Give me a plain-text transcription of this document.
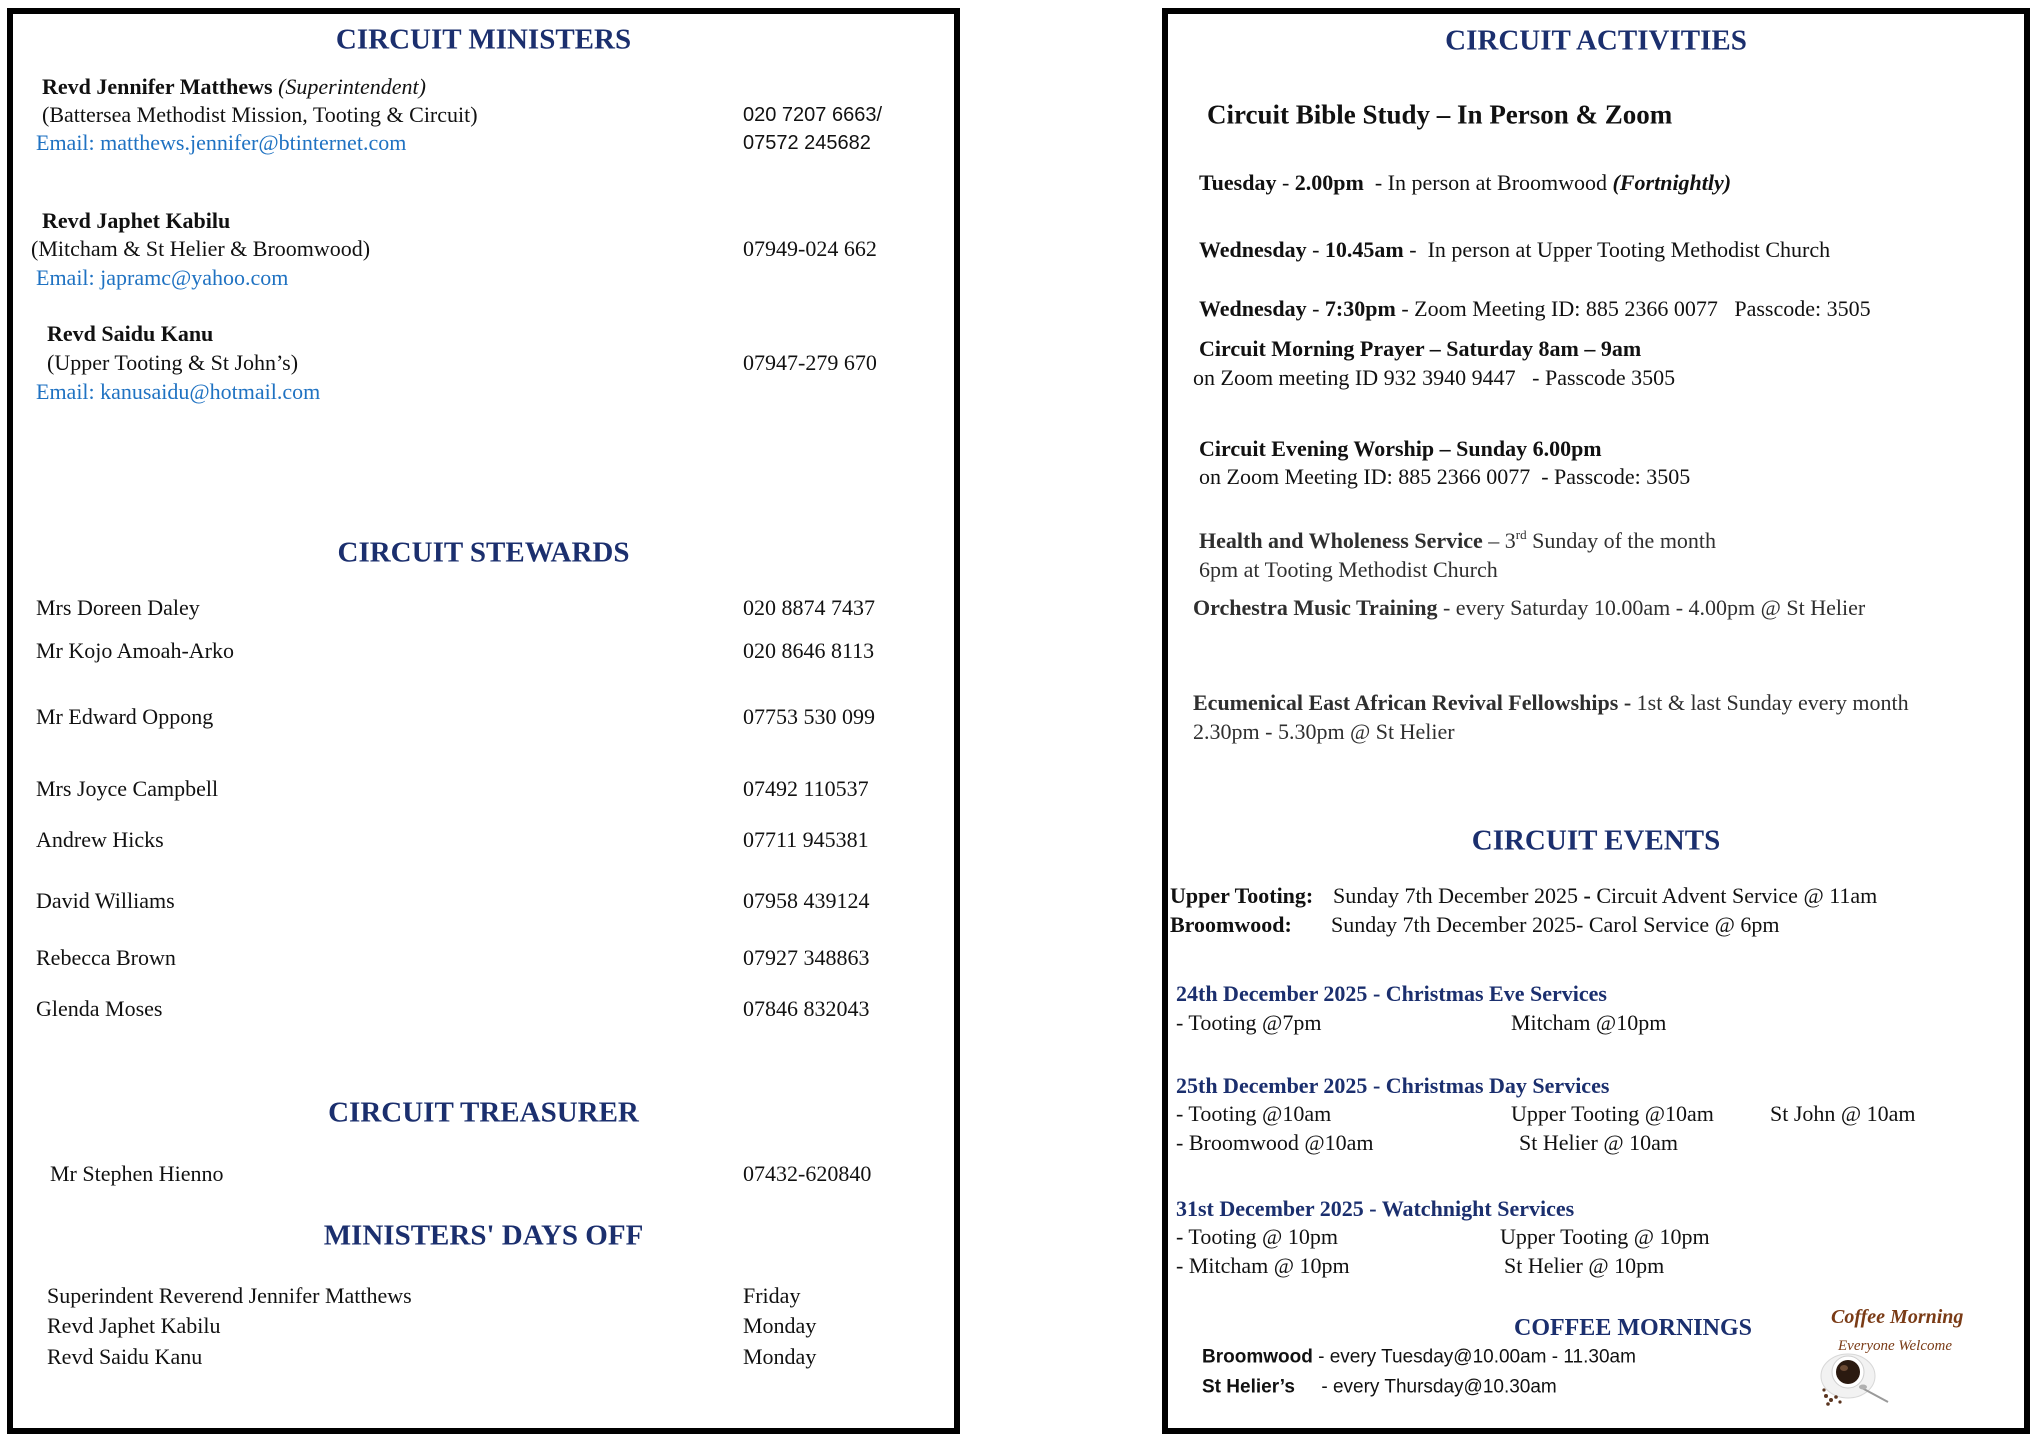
CIRCUIT MINISTERS
Revd Jennifer Matthews (Superintendent)
(Battersea Methodist Mission, Tooting & Circuit)
Email: matthews.jennifer@btinternet.com
020 7207 6663/
07572 245682
Revd Japhet Kabilu
(Mitcham & St Helier & Broomwood)
Email: japramc@yahoo.com
07949-024 662
Revd Saidu Kanu
(Upper Tooting & St John’s)
Email: kanusaidu@hotmail.com
07947-279 670
CIRCUIT STEWARDS
Mrs Doreen Daley	020 8874 7437
Mr Kojo Amoah-Arko	020 8646 8113
Mr Edward Oppong	07753 530 099
Mrs Joyce Campbell	07492 110537
Andrew Hicks	07711 945381
David Williams	07958 439124
Rebecca Brown	07927 348863
Glenda Moses	07846 832043
CIRCUIT TREASURER
Mr Stephen Hienno	07432-620840
MINISTERS' DAYS OFF
Superindent Reverend Jennifer Matthews	Friday
Revd Japhet Kabilu	Monday
Revd Saidu Kanu	Monday
CIRCUIT ACTIVITIES
Circuit Bible Study – In Person & Zoom
Tuesday - 2.00pm  - In person at Broomwood (Fortnightly)
Wednesday - 10.45am -  In person at Upper Tooting Methodist Church
Wednesday - 7:30pm - Zoom Meeting ID: 885 2366 0077   Passcode: 3505
Circuit Morning Prayer – Saturday 8am – 9am
on Zoom meeting ID 932 3940 9447   - Passcode 3505
Circuit Evening Worship – Sunday 6.00pm
on Zoom Meeting ID: 885 2366 0077  - Passcode: 3505
Health and Wholeness Service – 3rd Sunday of the month
6pm at Tooting Methodist Church
Orchestra Music Training - every Saturday 10.00am - 4.00pm @ St Helier
Ecumenical East African Revival Fellowships - 1st & last Sunday every month
2.30pm - 5.30pm @ St Helier
CIRCUIT EVENTS
Upper Tooting: Sunday 7th December 2025 - Circuit Advent Service @ 11am
Broomwood: Sunday 7th December 2025- Carol Service @ 6pm
24th December 2025 - Christmas Eve Services
- Tooting @7pm	Mitcham @10pm
25th December 2025 - Christmas Day Services
- Tooting @10am	Upper Tooting @10am	St John @ 10am
- Broomwood @10am	St Helier @ 10am
31st December 2025 - Watchnight Services
- Tooting @ 10pm	Upper Tooting @ 10pm
- Mitcham @ 10pm	St Helier @ 10pm
COFFEE MORNINGS
Broomwood - every Tuesday@10.00am - 11.30am
St Helier’s     - every Thursday@10.30am
Coffee Morning
Everyone Welcome
